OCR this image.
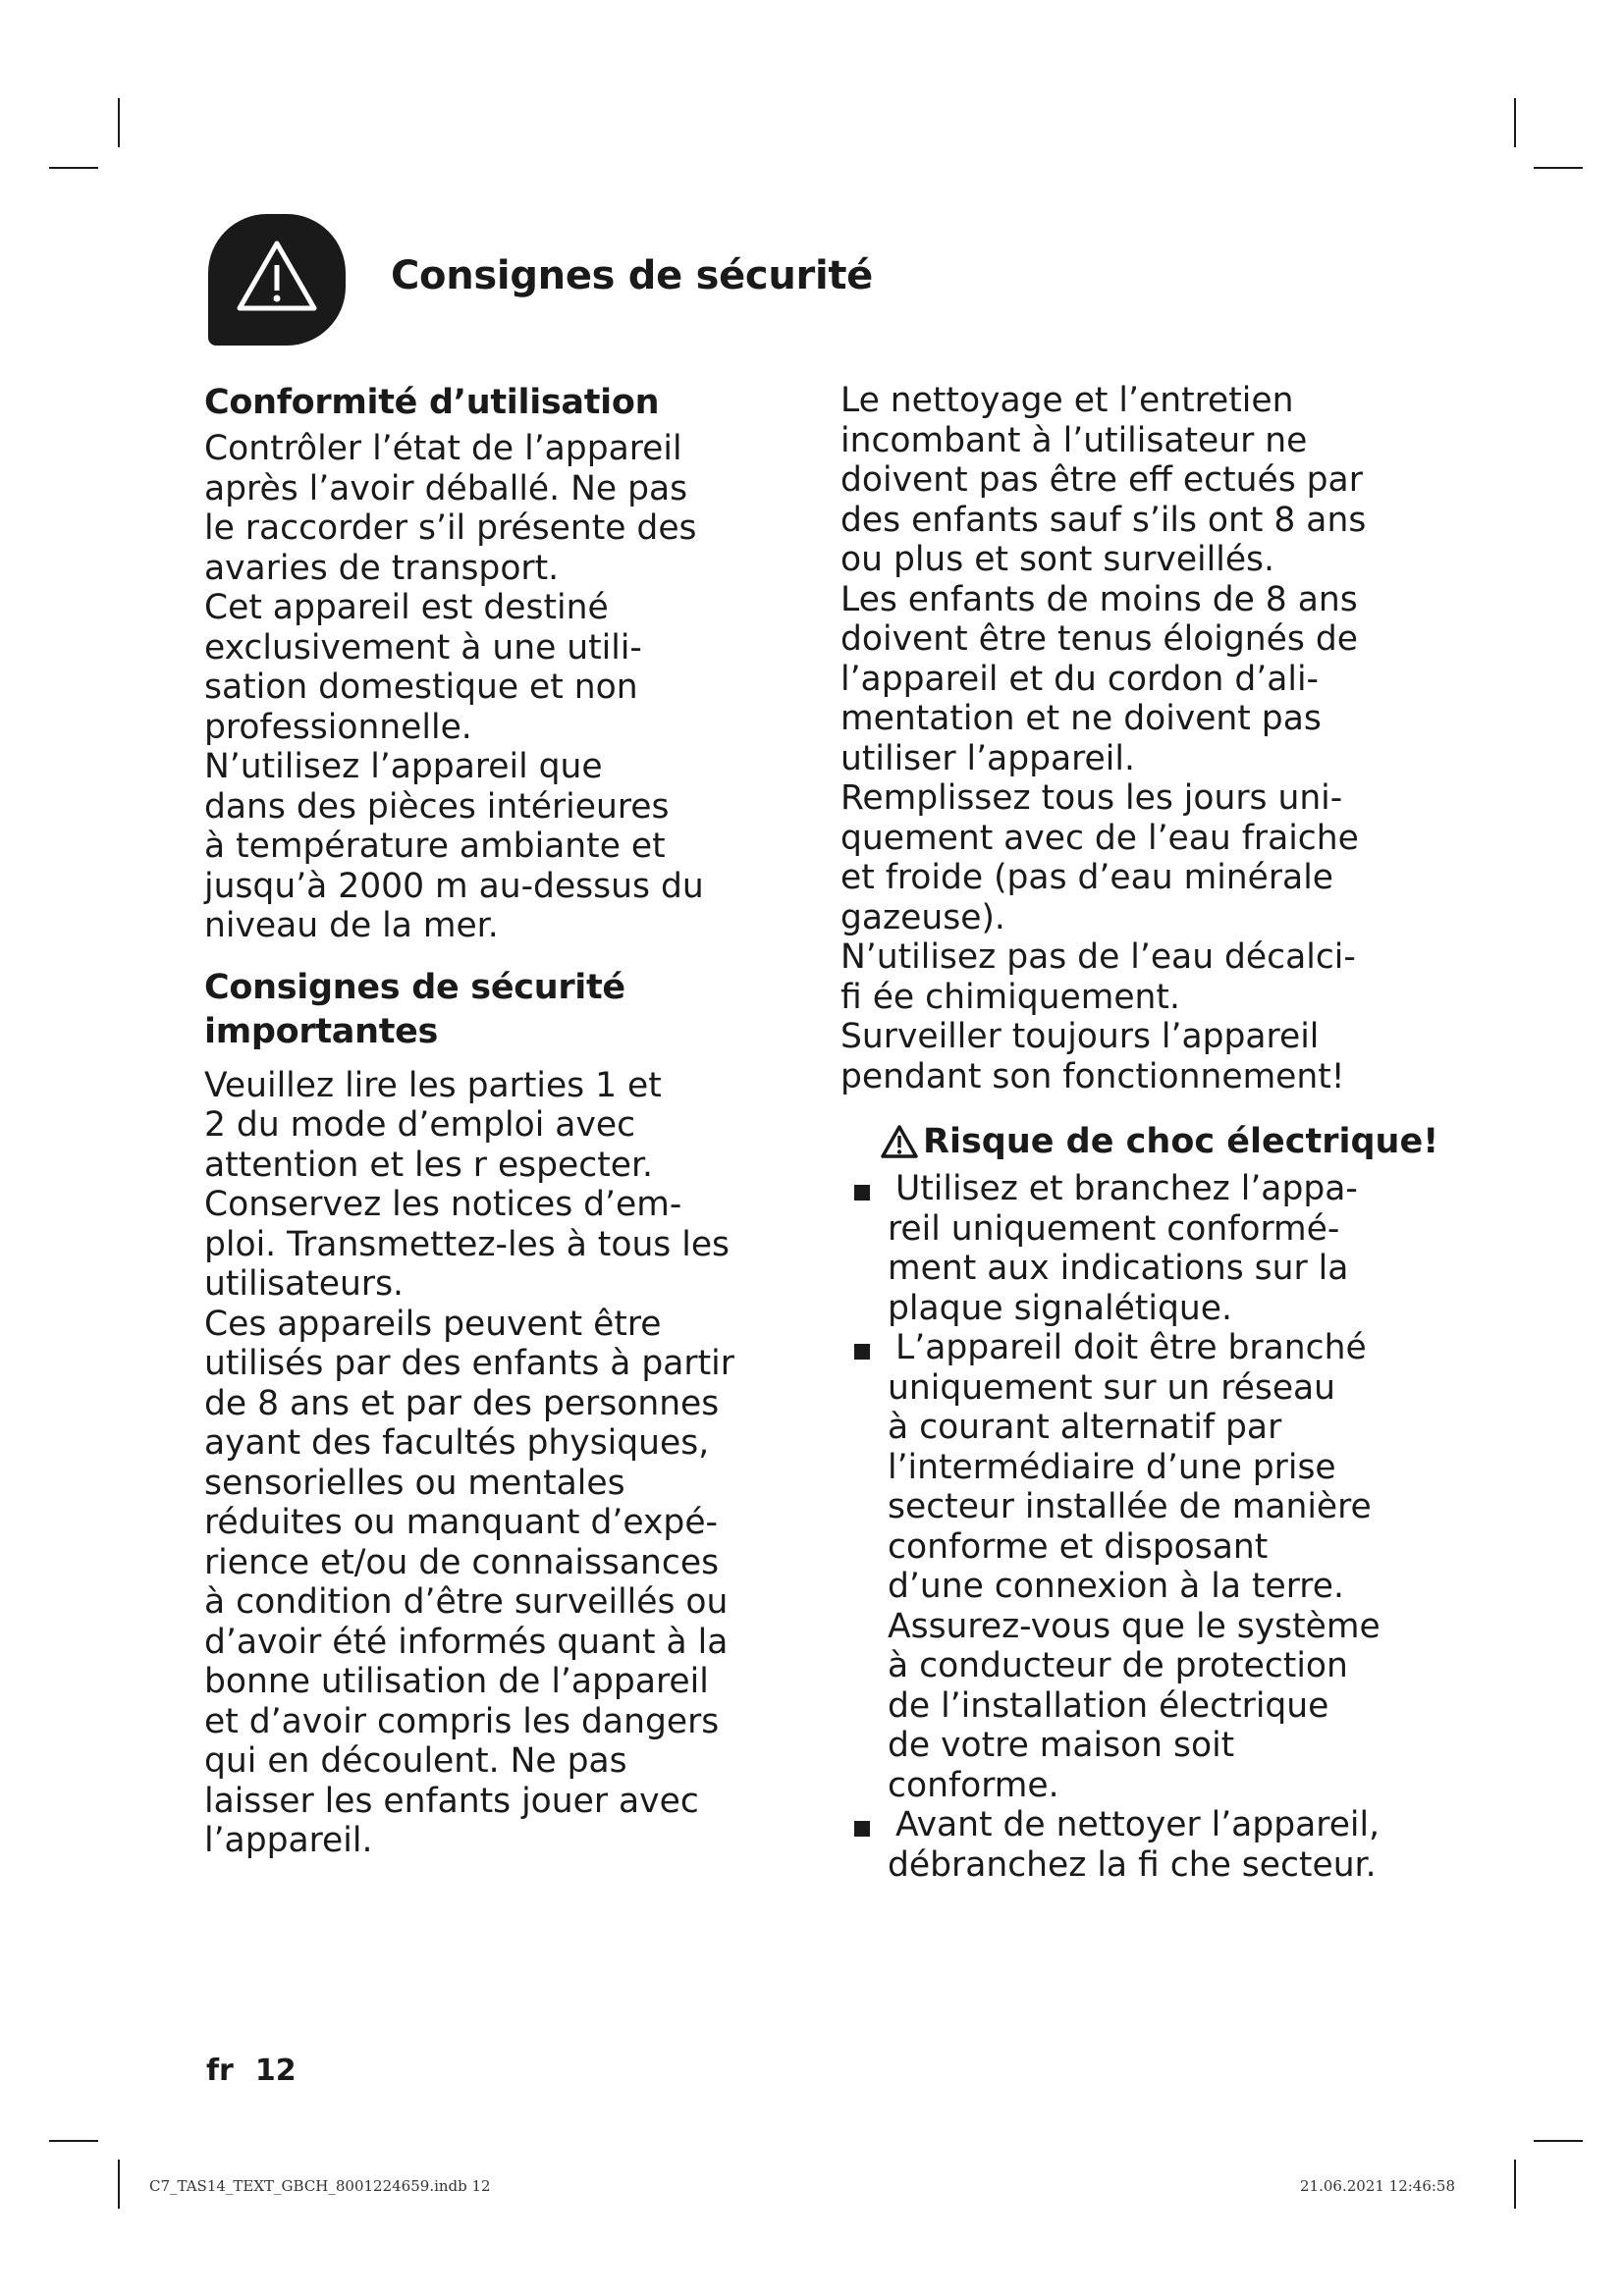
Consignes de sécurité
Conformité d’utilisation

Contrôler l’état de l’appareil
après l’avoir déballé. Ne pas
le raccorder s’il présente des
avaries de transport.
Cet appareil est destiné
exclusivement à une utili-
sation domestique et non
professionnelle.
N’utilisez l’appareil que
dans des pièces intérieures
à température ambiante et
jusqu’à 2000 m au-dessus du
niveau de la mer.

Consignes de sécurité
importantes

Veuillez lire les parties 1 et
2 du mode d’emploi avec
attention et les r especter.
Conservez les notices d’em-
ploi. Transmettez-les à tous les
utilisateurs.
Ces appareils peuvent être
utilisés par des enfants à partir
de 8 ans et par des personnes
ayant des facultés physiques,
sensorielles ou mentales
réduites ou manquant d’expé-
rience et/ou de connaissances
à condition d’être surveillés ou
d’avoir été informés quant à la
bonne utilisation de l’appareil
et d’avoir compris les dangers
qui en découlent. Ne pas
laisser les enfants jouer avec
l’appareil.

Le nettoyage et l’entretien
incombant à l’utilisateur ne
doivent pas être eff ectués par
des enfants sauf s’ils ont 8 ans
ou plus et sont surveillés.
Les enfants de moins de 8 ans
doivent être tenus éloignés de
l’appareil et du cordon d’ali-
mentation et ne doivent pas
utiliser l’appareil.
Remplissez tous les jours uni-
quement avec de l’eau fraiche
et froide (pas d’eau minérale
gazeuse).
N’utilisez pas de l’eau décalci-
fi ée chimiquement.
Surveiller toujours l’appareil
pendant son fonctionnement!

Risque de choc électrique!

Utilisez et branchez l’appa-
reil uniquement conformé-
ment aux indications sur la
plaque signalétique.

L’appareil doit être branché
uniquement sur un réseau
à courant alternatif par
l’intermédiaire d’une prise
secteur installée de manière
conforme et disposant
d’une connexion à la terre.
Assurez-vous que le système
à conducteur de protection
de l’installation électrique
de votre maison soit
conforme.

Avant de nettoyer l’appareil,
débranchez la fi che secteur.

fr 12
C7_TAS14_TEXT_GBCH_8001224659.indb 12	21.06.2021 12:46:58
